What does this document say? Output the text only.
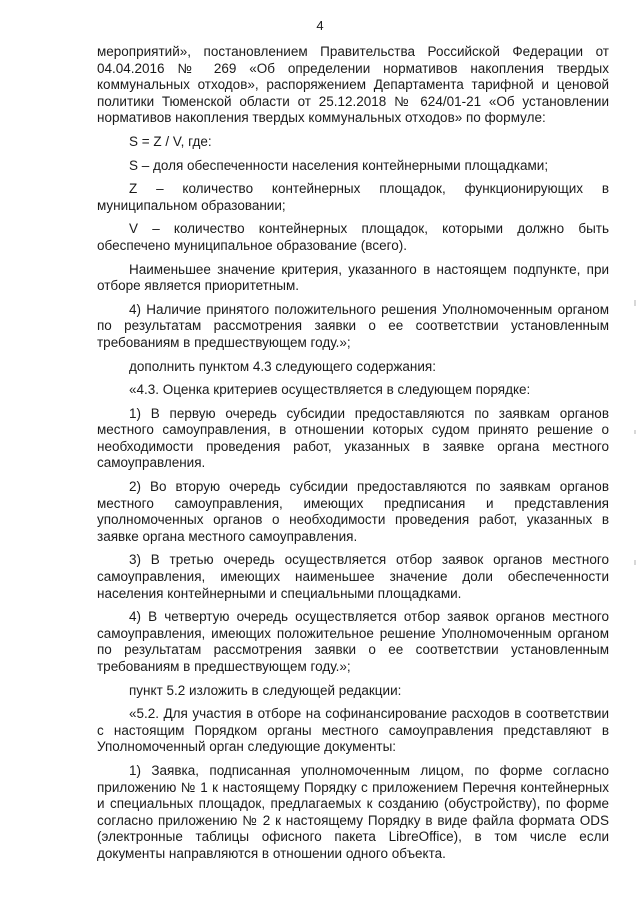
4

мероприятий», постановлением Правительства Российской Федерации от 04.04.2016 № 269 «Об определении нормативов накопления твердых коммунальных отходов», распоряжением Департамента тарифной и ценовой политики Тюменской области от 25.12.2018 № 624/01-21 «Об установлении нормативов накопления твердых коммунальных отходов» по формуле:

S = Z / V, где:

S – доля обеспеченности населения контейнерными площадками;

Z – количество контейнерных площадок, функционирующих в муниципальном образовании;

V – количество контейнерных площадок, которыми должно быть обеспечено муниципальное образование (всего).

Наименьшее значение критерия, указанного в настоящем подпункте, при отборе является приоритетным.

4) Наличие принятого положительного решения Уполномоченным органом по результатам рассмотрения заявки о ее соответствии установленным требованиям в предшествующем году.»;

дополнить пунктом 4.3 следующего содержания:

«4.3. Оценка критериев осуществляется в следующем порядке:

1) В первую очередь субсидии предоставляются по заявкам органов местного самоуправления, в отношении которых судом принято решение о необходимости проведения работ, указанных в заявке органа местного самоуправления.

2) Во вторую очередь субсидии предоставляются по заявкам органов местного самоуправления, имеющих предписания и представления уполномоченных органов о необходимости проведения работ, указанных в заявке органа местного самоуправления.

3) В третью очередь осуществляется отбор заявок органов местного самоуправления, имеющих наименьшее значение доли обеспеченности населения контейнерными и специальными площадками.

4) В четвертую очередь осуществляется отбор заявок органов местного самоуправления, имеющих положительное решение Уполномоченным органом по результатам рассмотрения заявки о ее соответствии установленным требованиям в предшествующем году.»;

пункт 5.2 изложить в следующей редакции:

«5.2. Для участия в отборе на софинансирование расходов в соответствии с настоящим Порядком органы местного самоуправления представляют в Уполномоченный орган следующие документы:

1) Заявка, подписанная уполномоченным лицом, по форме согласно приложению № 1 к настоящему Порядку с приложением Перечня контейнерных и специальных площадок, предлагаемых к созданию (обустройству), по форме согласно приложению № 2 к настоящему Порядку в виде файла формата ODS (электронные таблицы офисного пакета LibreOffice), в том числе если документы направляются в отношении одного объекта.
